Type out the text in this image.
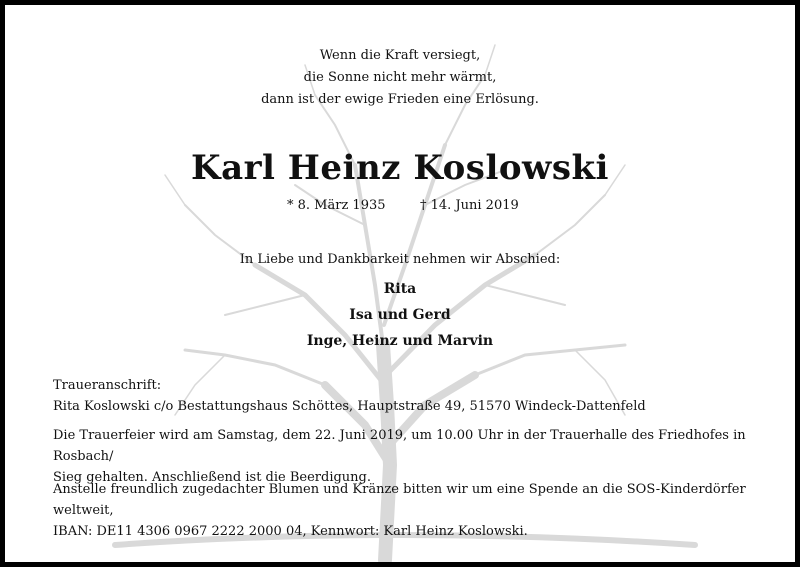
Wenn die Kraft versiegt,
die Sonne nicht mehr wärmt,
dann ist der ewige Frieden eine Erlösung.
Karl Heinz Koslowski
* 8. März 1935	† 14. Juni 2019
In Liebe und Dankbarkeit nehmen wir Abschied:
Rita
Isa und Gerd
Inge, Heinz und Marvin
Traueranschrift:
Rita Koslowski c/o Bestattungshaus Schöttes, Hauptstraße 49, 51570 Windeck-Dattenfeld
Die Trauerfeier wird am Samstag, dem 22. Juni 2019, um 10.00 Uhr in der Trauerhalle des Friedhofes in Rosbach/
Sieg gehalten. Anschließend ist die Beerdigung.
Anstelle freundlich zugedachter Blumen und Kränze bitten wir um eine Spende an die SOS-Kinderdörfer weltweit,
IBAN: DE11 4306 0967 2222 2000 04, Kennwort: Karl Heinz Koslowski.
